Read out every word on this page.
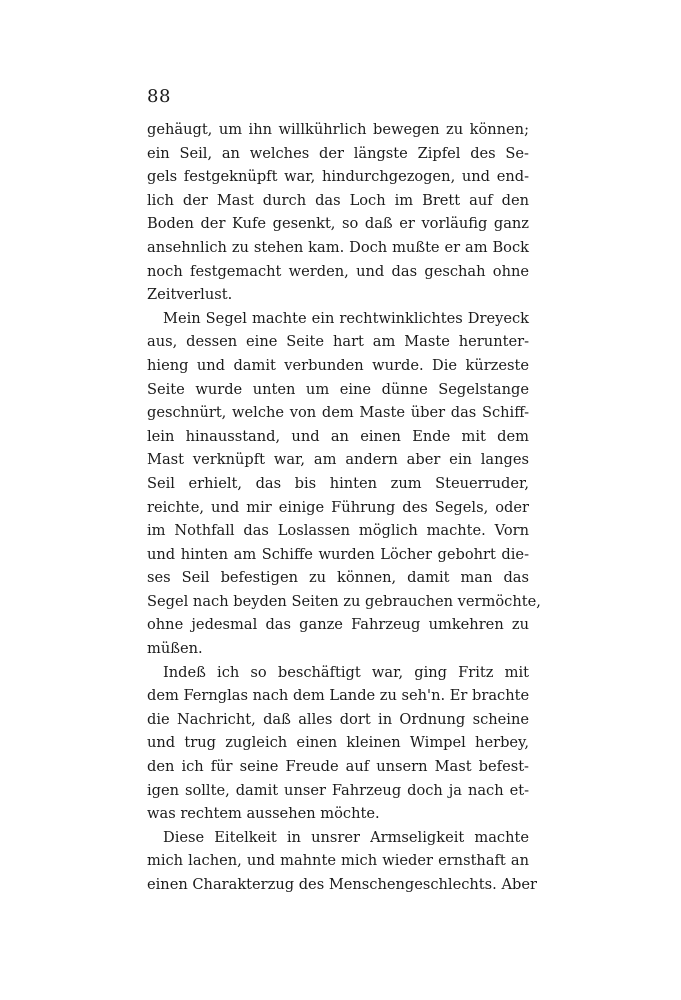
88
gehäugt, um ihn willkührlich bewegen zu können;
ein Seil, an welches der längste Zipfel des Se-
gels festgeknüpft war, hindurchgezogen, und end-
lich der Mast durch das Loch im Brett auf den
Boden der Kufe gesenkt, so daß er vorläufig ganz
ansehnlich zu stehen kam. Doch mußte er am Bock
noch festgemacht werden, und das geschah ohne
Zeitverlust.
Mein Segel machte ein rechtwinklichtes Dreyeck
aus, dessen eine Seite hart am Maste herunter-
hieng und damit verbunden wurde. Die kürzeste
Seite wurde unten um eine dünne Segelstange
geschnürt, welche von dem Maste über das Schiff-
lein hinausstand, und an einen Ende mit dem
Mast verknüpft war, am andern aber ein langes
Seil erhielt, das bis hinten zum Steuerruder,
reichte, und mir einige Führung des Segels, oder
im Nothfall das Loslassen möglich machte. Vorn
und hinten am Schiffe wurden Löcher gebohrt die-
ses Seil befestigen zu können, damit man das
Segel nach beyden Seiten zu gebrauchen vermöchte,
ohne jedesmal das ganze Fahrzeug umkehren zu
müßen.
Indeß ich so beschäftigt war, ging Fritz mit
dem Fernglas nach dem Lande zu seh'n. Er brachte
die Nachricht, daß alles dort in Ordnung scheine
und trug zugleich einen kleinen Wimpel herbey,
den ich für seine Freude auf unsern Mast befest-
igen sollte, damit unser Fahrzeug doch ja nach et-
was rechtem aussehen möchte.
Diese Eitelkeit in unsrer Armseligkeit machte
mich lachen, und mahnte mich wieder ernsthaft an
einen Charakterzug des Menschengeschlechts. Aber
